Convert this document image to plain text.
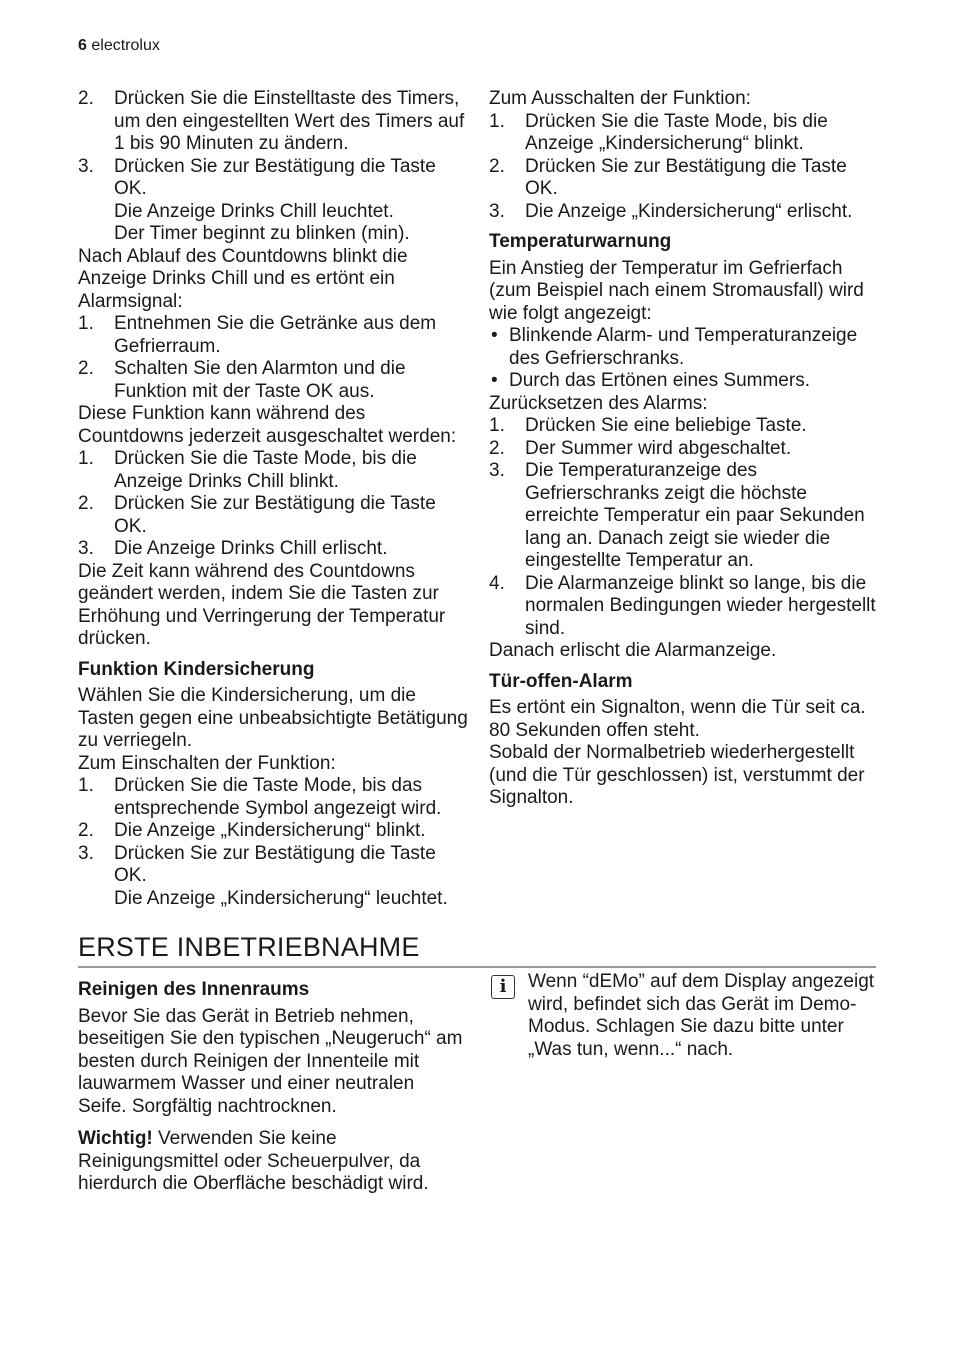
6 electrolux
2. Drücken Sie die Einstelltaste des Timers, um den eingestellten Wert des Timers auf 1 bis 90 Minuten zu ändern.
3. Drücken Sie zur Bestätigung die Taste OK.
Die Anzeige Drinks Chill leuchtet.
Der Timer beginnt zu blinken (min).

Nach Ablauf des Countdowns blinkt die Anzeige Drinks Chill und es ertönt ein Alarmsignal:

1. Entnehmen Sie die Getränke aus dem Gefrierraum.
2. Schalten Sie den Alarmton und die Funktion mit der Taste OK aus.

Diese Funktion kann während des Countdowns jederzeit ausgeschaltet werden:

1. Drücken Sie die Taste Mode, bis die Anzeige Drinks Chill blinkt.
2. Drücken Sie zur Bestätigung die Taste OK.
3. Die Anzeige Drinks Chill erlischt.

Die Zeit kann während des Countdowns geändert werden, indem Sie die Tasten zur Erhöhung und Verringerung der Temperatur drücken.

Funktion Kindersicherung

Wählen Sie die Kindersicherung, um die Tasten gegen eine unbeabsichtigte Betätigung zu verriegeln.

Zum Einschalten der Funktion:

1. Drücken Sie die Taste Mode, bis das entsprechende Symbol angezeigt wird.
2. Die Anzeige „Kindersicherung“ blinkt.
3. Drücken Sie zur Bestätigung die Taste OK.
Die Anzeige „Kindersicherung“ leuchtet.

Zum Ausschalten der Funktion:

1. Drücken Sie die Taste Mode, bis die Anzeige „Kindersicherung“ blinkt.
2. Drücken Sie zur Bestätigung die Taste OK.
3. Die Anzeige „Kindersicherung“ erlischt.
Temperaturwarnung

Ein Anstieg der Temperatur im Gefrierfach (zum Beispiel nach einem Stromausfall) wird wie folgt angezeigt:

• Blinkende Alarm- und Temperaturanzeige des Gefrierschranks.
• Durch das Ertönen eines Summers.

Zurücksetzen des Alarms:

1. Drücken Sie eine beliebige Taste.
2. Der Summer wird abgeschaltet.
3. Die Temperaturanzeige des Gefrierschranks zeigt die höchste erreichte Temperatur ein paar Sekunden lang an. Danach zeigt sie wieder die eingestellte Temperatur an.
4. Die Alarmanzeige blinkt so lange, bis die normalen Bedingungen wieder hergestellt sind.

Danach erlischt die Alarmanzeige.

Tür-offen-Alarm

Es ertönt ein Signalton, wenn die Tür seit ca. 80 Sekunden offen steht.

Sobald der Normalbetrieb wiederhergestellt (und die Tür geschlossen) ist, verstummt der Signalton.

ERSTE INBETRIEBNAHME
Reinigen des Innenraums

Bevor Sie das Gerät in Betrieb nehmen, beseitigen Sie den typischen „Neugeruch“ am besten durch Reinigen der Innenteile mit lauwarmem Wasser und einer neutralen Seife. Sorgfältig nachtrocknen.

Wichtig! Verwenden Sie keine Reinigungsmittel oder Scheuerpulver, da hierdurch die Oberfläche beschädigt wird.

i	Wenn “dEMo” auf dem Display angezeigt wird, befindet sich das Gerät im Demo-Modus. Schlagen Sie dazu bitte unter „Was tun, wenn...“ nach.
